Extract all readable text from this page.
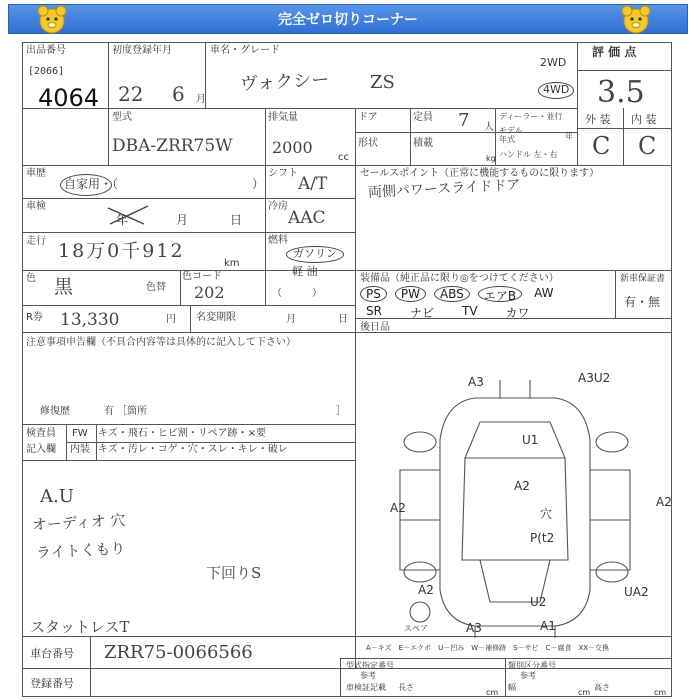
完全ゼロ切りコーナー
出品番号
[2066]
4064
初度登録年月
22 6 月
車名・グレード
ヴォクシー ZS
2WD
4WD
評 価 点
3.5
外 装 内 装
C C
型式
DBA-ZRR75W
排気量
2000
cc
ドア	定員 7 人
形状	積載
kg
ディーラー・並行
モデル
年式	年
ハンドル 左・右
車歴
自家用・（	）
シフト
A/T
セールスポイント（正常に機能するものに限ります）
両側パワースライドドア
車検
年	月	日
冷房
AAC
走行 18万0千912
km
燃料
ガソリン
軽 油
（　　　）
色 黒	色替
色コード
202
装備品（純正品に限り◎をつけてください）
PS	PW	ABS	エアB	AW
SR ナビ TV カワ
新車保証書
有・無
R券 13,330	円 名変期限	月	日
後日品
注意事項申告欄（不具合内容等は具体的に記入して下さい）
修復歴	有 ［箇所	］
検査員
記入欄
FW キズ・飛石・ヒビ割・リペア跡・×要
内装 キズ・汚レ・コゲ・穴・スレ・キレ・破レ
A.U
オーディオ 穴
ライトくもり
下回りS
スタットレスT
A3	A3U2
U1
A2
A2	A2
穴
P(t2
A2	UA2
U2
A3	A1
スペア
A－キズ　E－エクボ　U－凹み　W－補修跡　S－サビ　C－腐食　XX－交換
車台番号 ZRR75-0066566
登録番号
型式指定番号
参考
類別区分番号
参考
車検証記載 長さ
cm
幅
cm
高さ
cm
